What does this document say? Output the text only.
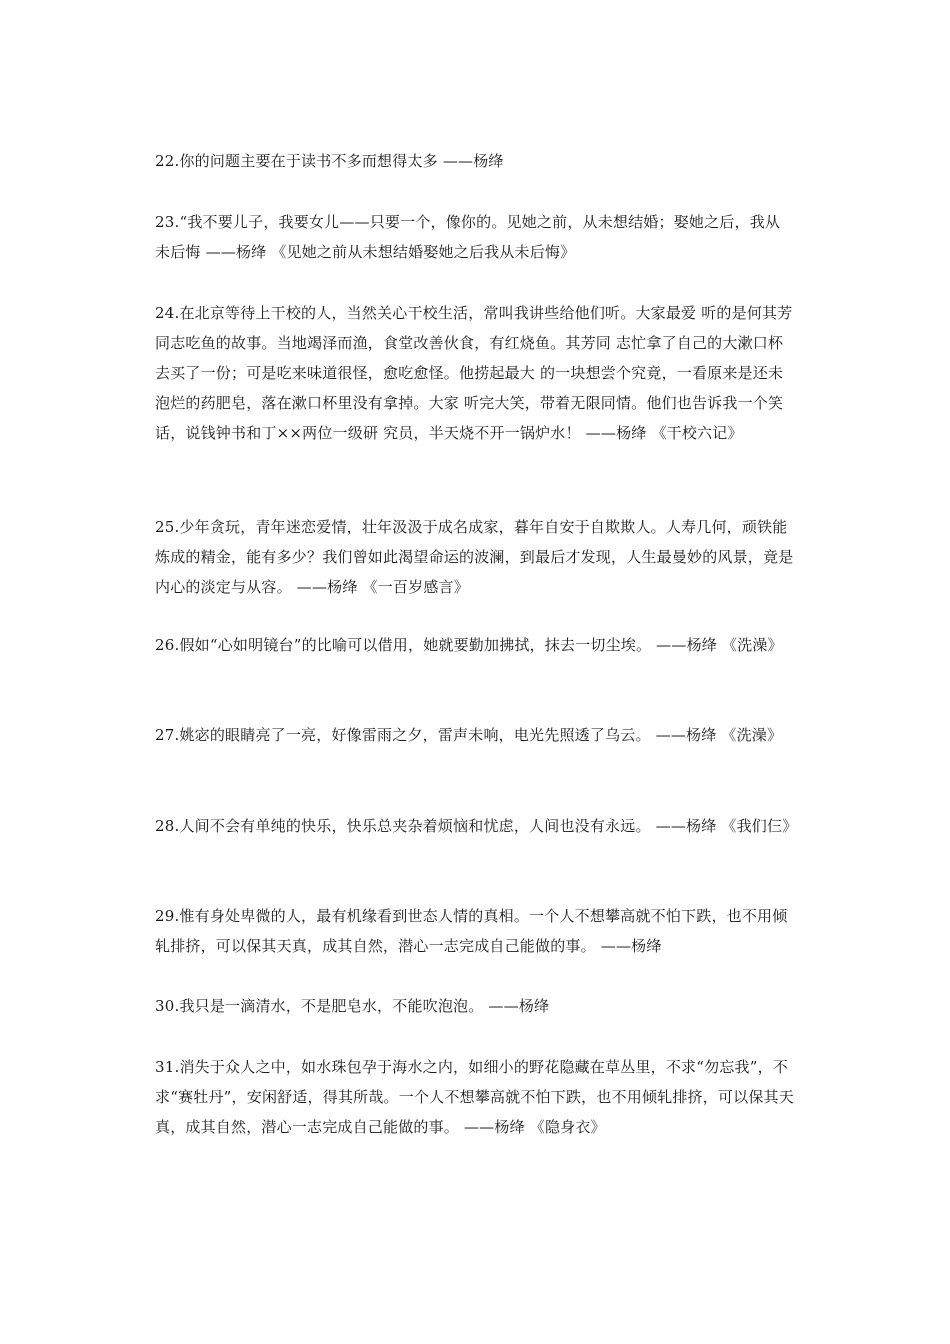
22.你的问题主要在于读书不多而想得太多 ——杨绛

23.“我不要儿子，我要女儿——只要一个，像你的。见她之前，从未想结婚；娶她之后，我从未后悔 ——杨绛 《见她之前从未想结婚娶她之后我从未后悔》

24.在北京等待上干校的人，当然关心干校生活，常叫我讲些给他们听。大家最爱 听的是何其芳同志吃鱼的故事。当地竭泽而渔，食堂改善伙食，有红烧鱼。其芳同 志忙拿了自己的大漱口杯去买了一份；可是吃来味道很怪，愈吃愈怪。他捞起最大 的一块想尝个究竟，一看原来是还未泡烂的药肥皂，落在漱口杯里没有拿掉。大家 听完大笑，带着无限同情。他们也告诉我一个笑话，说钱钟书和丁××两位一级研 究员，半天烧不开一锅炉水！ ——杨绛 《干校六记》

25.少年贪玩，青年迷恋爱情，壮年汲汲于成名成家，暮年自安于自欺欺人。人寿几何，顽铁能炼成的精金，能有多少？我们曾如此渴望命运的波澜，到最后才发现，人生最曼妙的风景，竟是内心的淡定与从容。 ——杨绛 《一百岁感言》

26.假如“心如明镜台”的比喻可以借用，她就要勤加拂拭，抹去一切尘埃。 ——杨绛 《洗澡》

27.姚宓的眼睛亮了一亮，好像雷雨之夕，雷声未响，电光先照透了乌云。 ——杨绛 《洗澡》

28.人间不会有单纯的快乐，快乐总夹杂着烦恼和忧虑，人间也没有永远。 ——杨绛 《我们仨》

29.惟有身处卑微的人，最有机缘看到世态人情的真相。一个人不想攀高就不怕下跌，也不用倾轧排挤，可以保其天真，成其自然，潜心一志完成自己能做的事。 ——杨绛

30.我只是一滴清水，不是肥皂水，不能吹泡泡。 ——杨绛

31.消失于众人之中，如水珠包孕于海水之内，如细小的野花隐藏在草丛里，不求“勿忘我”，不求“赛牡丹”，安闲舒适，得其所哉。一个人不想攀高就不怕下跌，也不用倾轧排挤，可以保其天真，成其自然，潜心一志完成自己能做的事。 ——杨绛 《隐身衣》
